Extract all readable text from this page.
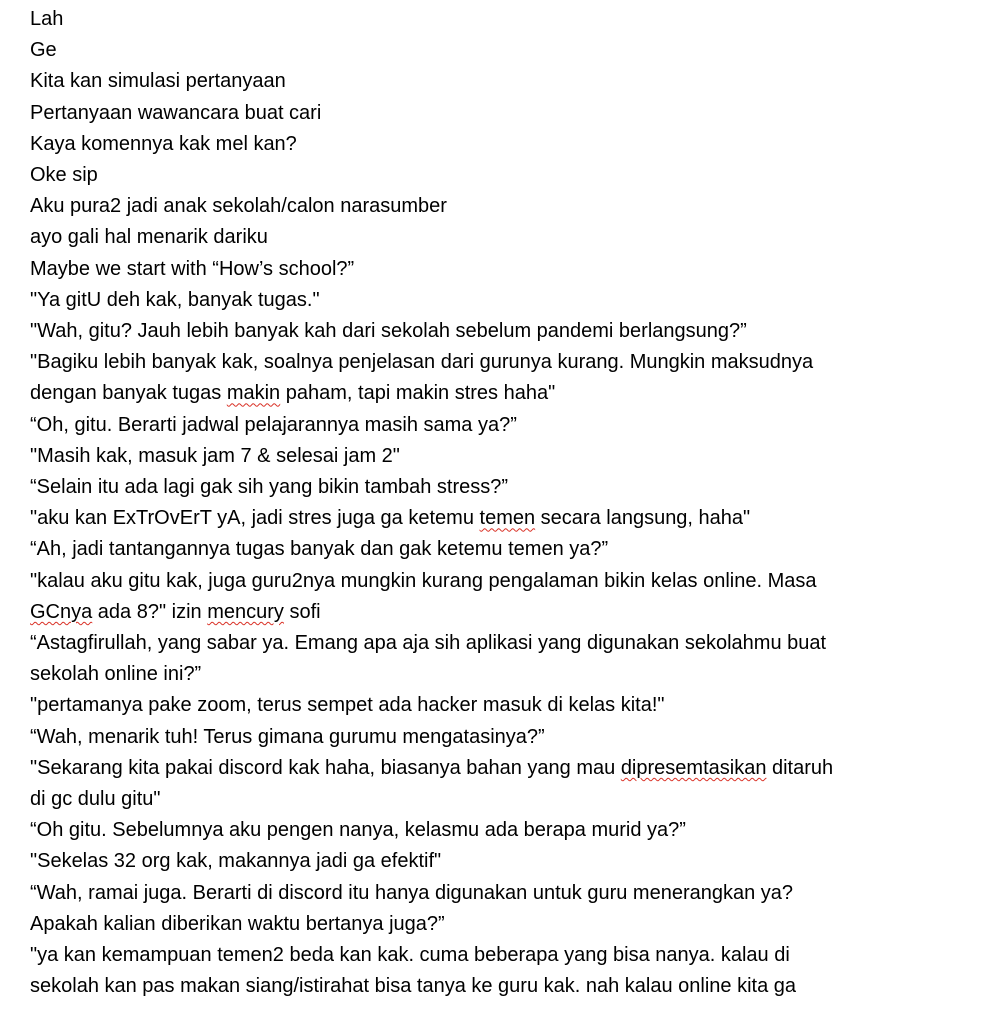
Lah
Ge
Kita kan simulasi pertanyaan
Pertanyaan wawancara buat cari
Kaya komennya kak mel kan?
Oke sip
Aku pura2 jadi anak sekolah/calon narasumber
ayo gali hal menarik dariku
Maybe we start with “How’s school?”
"Ya gitU deh kak, banyak tugas."
"Wah, gitu? Jauh lebih banyak kah dari sekolah sebelum pandemi berlangsung?”
"Bagiku lebih banyak kak, soalnya penjelasan dari gurunya kurang. Mungkin maksudnya
dengan banyak tugas makin paham, tapi makin stres haha"
“Oh, gitu. Berarti jadwal pelajarannya masih sama ya?”
"Masih kak, masuk jam 7 & selesai jam 2"
“Selain itu ada lagi gak sih yang bikin tambah stress?”
"aku kan ExTrOvErT yA, jadi stres juga ga ketemu temen secara langsung, haha"
“Ah, jadi tantangannya tugas banyak dan gak ketemu temen ya?”
"kalau aku gitu kak, juga guru2nya mungkin kurang pengalaman bikin kelas online. Masa
GCnya ada 8?" izin mencury sofi
“Astagfirullah, yang sabar ya. Emang apa aja sih aplikasi yang digunakan sekolahmu buat
sekolah online ini?”
"pertamanya pake zoom, terus sempet ada hacker masuk di kelas kita!"
“Wah, menarik tuh! Terus gimana gurumu mengatasinya?”
"Sekarang kita pakai discord kak haha, biasanya bahan yang mau dipresemtasikan ditaruh
di gc dulu gitu"
“Oh gitu. Sebelumnya aku pengen nanya, kelasmu ada berapa murid ya?”
"Sekelas 32 org kak, makannya jadi ga efektif"
“Wah, ramai juga. Berarti di discord itu hanya digunakan untuk guru menerangkan ya?
Apakah kalian diberikan waktu bertanya juga?”
"ya kan kemampuan temen2 beda kan kak. cuma beberapa yang bisa nanya. kalau di
sekolah kan pas makan siang/istirahat bisa tanya ke guru kak. nah kalau online kita ga
